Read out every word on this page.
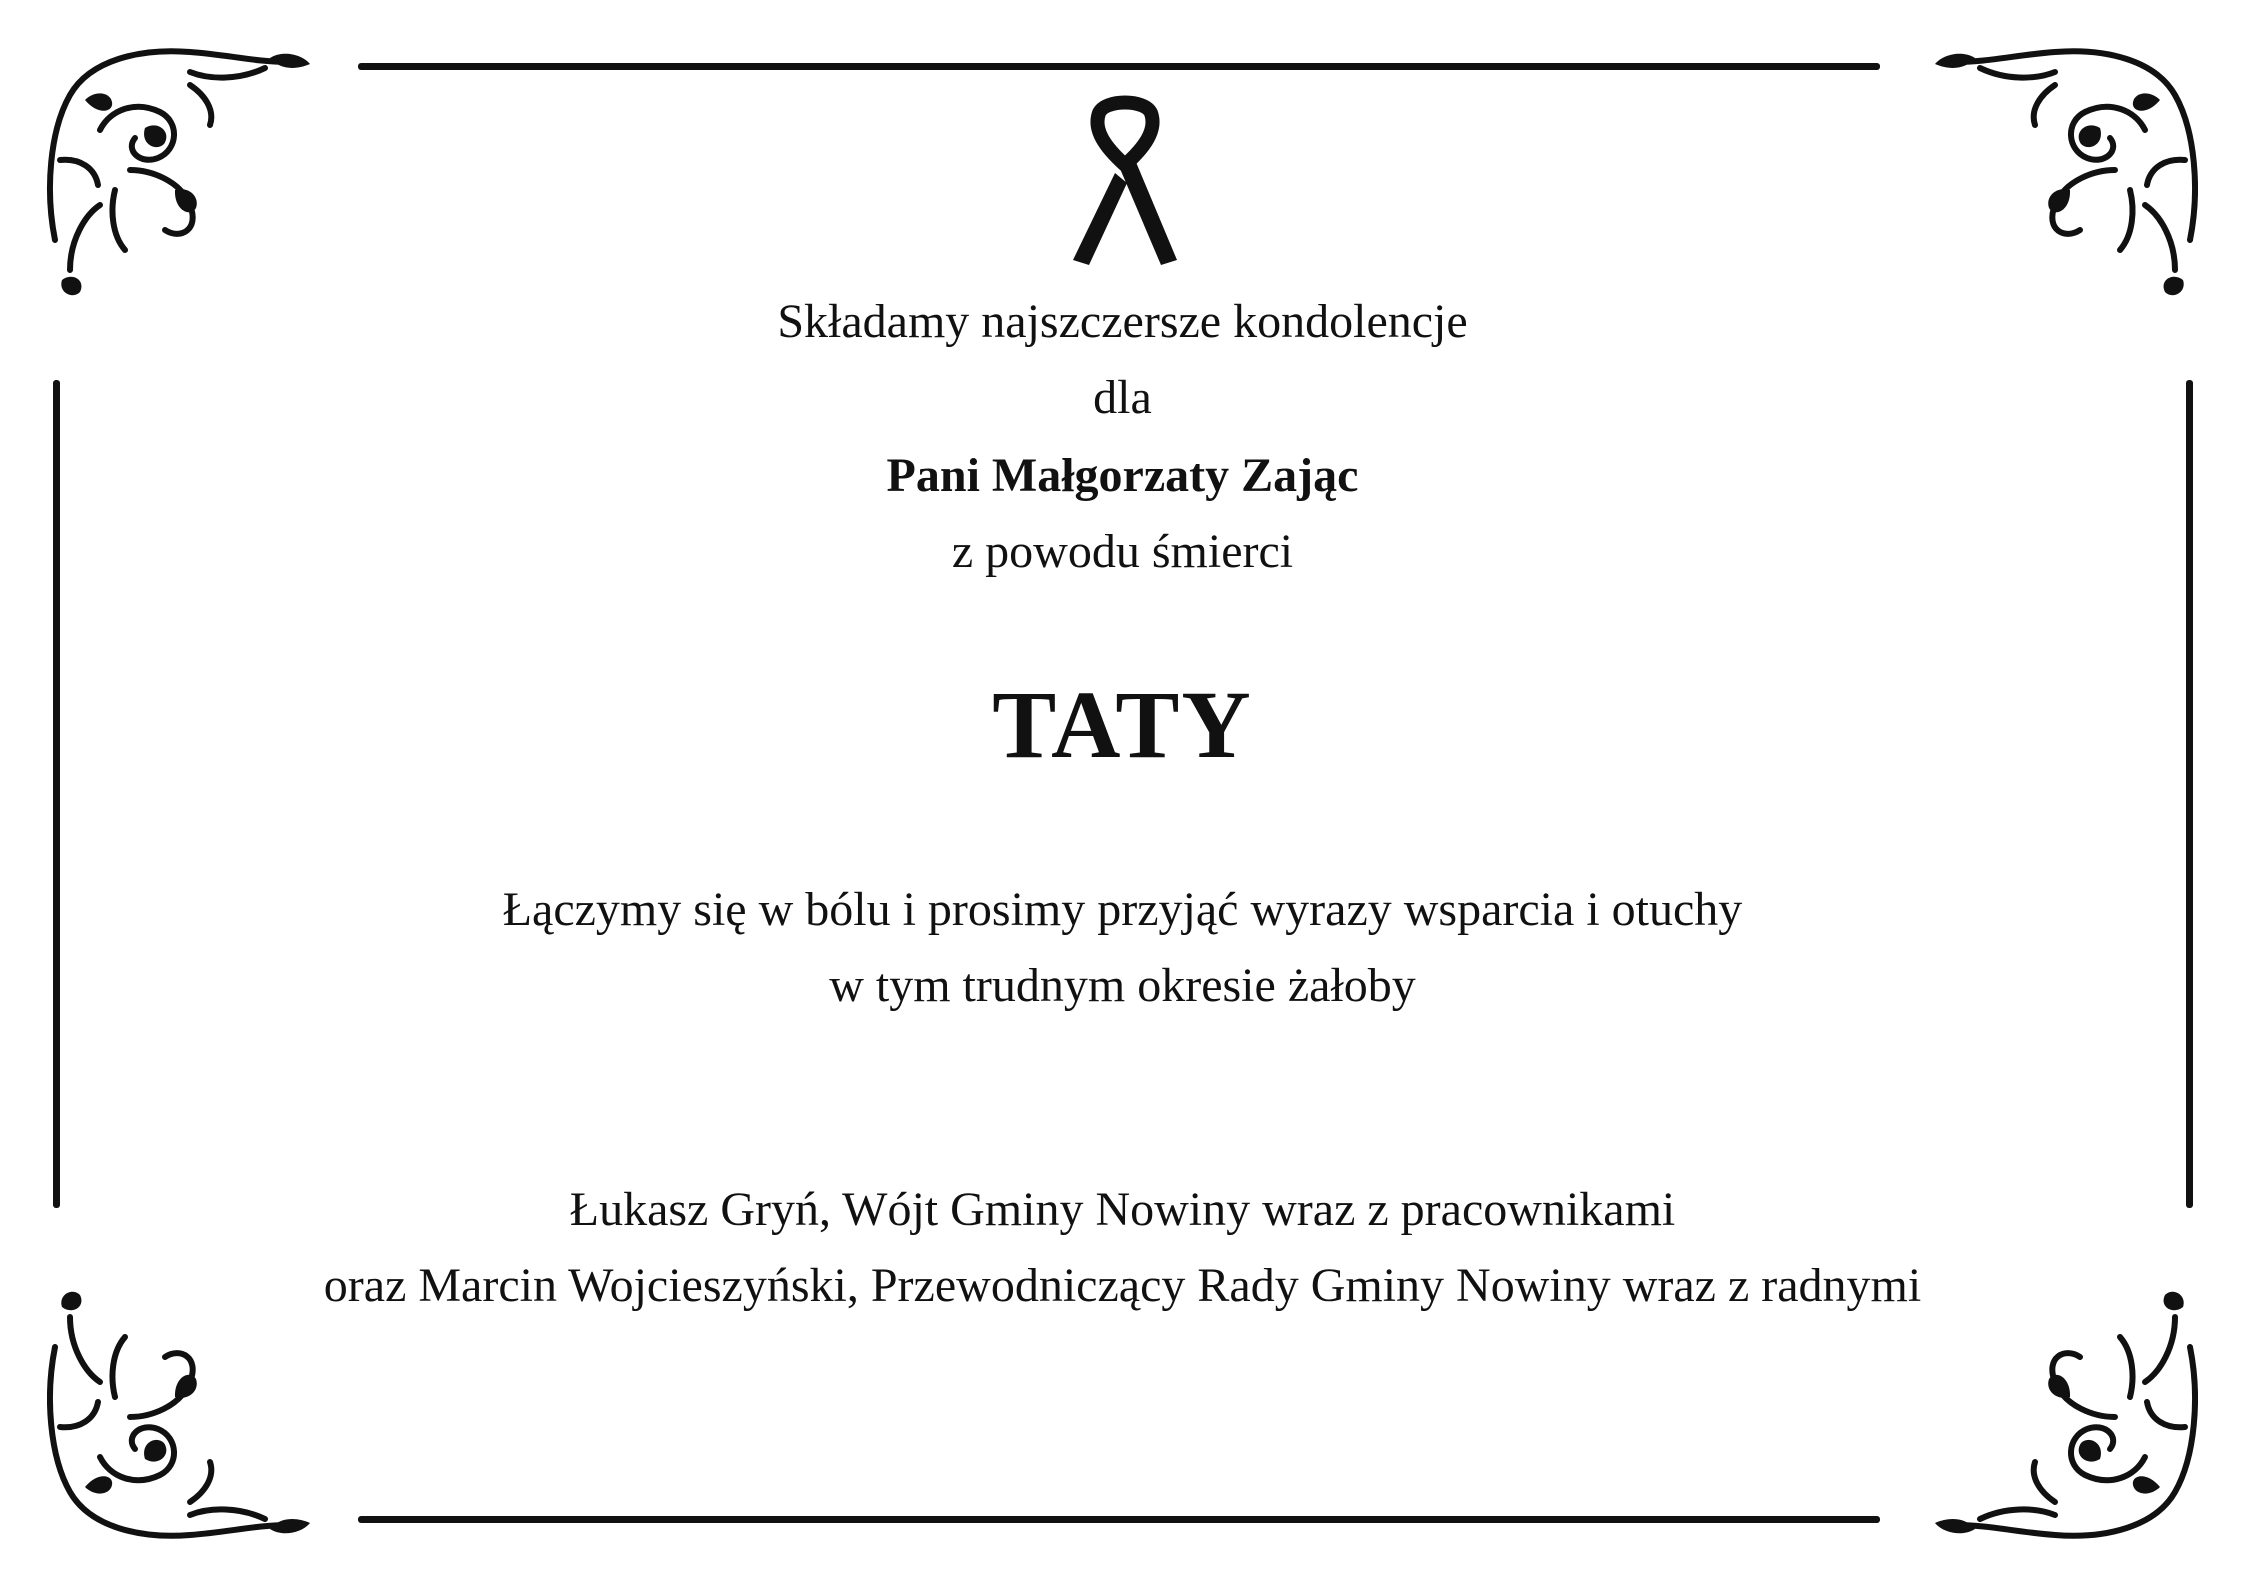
Składamy najszczersze kondolencje
dla
Pani Małgorzaty Zając
z powodu śmierci
TATY
Łączymy się w bólu i prosimy przyjąć wyrazy wsparcia i otuchy
w tym trudnym okresie żałoby
Łukasz Gryń, Wójt Gminy Nowiny wraz z pracownikami
oraz Marcin Wojcieszyński, Przewodniczący Rady Gminy Nowiny wraz z radnymi
